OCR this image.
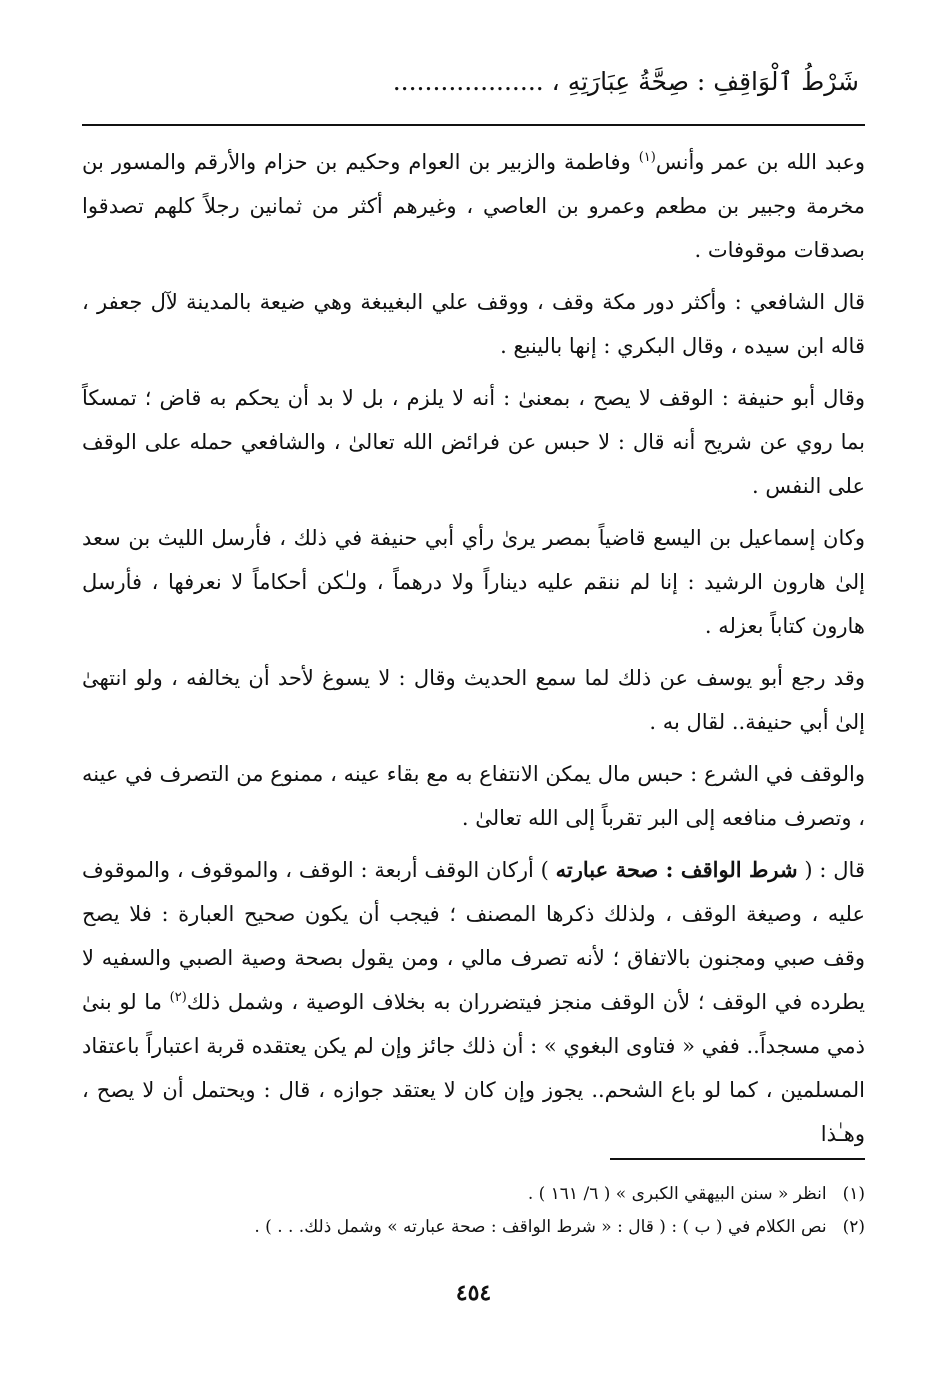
شَرْطُ ٱلْوَاقِفِ : صِحَّةُ عِبَارَتِهِ ، ...................

وعبد الله بن عمر وأنس$^{(١)}$ وفاطمة والزبير بن العوام وحكيم بن حزام والأرقم والمسور بن مخرمة وجبير بن مطعم وعمرو بن العاصي ، وغيرهم أكثر من ثمانين رجلاً كلهم تصدقوا بصدقات موقوفات .

قال الشافعي : وأكثر دور مكة وقف ، ووقف علي البغيبغة وهي ضيعة بالمدينة لآل جعفر ، قاله ابن سيده ، وقال البكري : إنها بالينبع .

وقال أبو حنيفة : الوقف لا يصح ، بمعنىٰ : أنه لا يلزم ، بل لا بد أن يحكم به قاض ؛ تمسكاً بما روي عن شريح أنه قال : لا حبس عن فرائض الله تعالىٰ ، والشافعي حمله على الوقف على النفس .

وكان إسماعيل بن اليسع قاضياً بمصر يرىٰ رأي أبي حنيفة في ذلك ، فأرسل الليث بن سعد إلىٰ هارون الرشيد : إنا لم ننقم عليه ديناراً ولا درهماً ، ولـٰكن أحكاماً لا نعرفها ، فأرسل هارون كتاباً بعزله .

وقد رجع أبو يوسف عن ذلك لما سمع الحديث وقال : لا يسوغ لأحد أن يخالفه ، ولو انتهىٰ إلىٰ أبي حنيفة.. لقال به .

والوقف في الشرع : حبس مال يمكن الانتفاع به مع بقاء عينه ، ممنوع من التصرف في عينه ، وتصرف منافعه إلى البر تقرباً إلى الله تعالىٰ .

قال : ( شرط الواقف : صحة عبارته ) أركان الوقف أربعة : الوقف ، والموقوف ، والموقوف عليه ، وصيغة الوقف ، ولذلك ذكرها المصنف ؛ فيجب أن يكون صحيح العبارة : فلا يصح وقف صبي ومجنون بالاتفاق ؛ لأنه تصرف مالي ، ومن يقول بصحة وصية الصبي والسفيه لا يطرده في الوقف ؛ لأن الوقف منجز فيتضرران به بخلاف الوصية ، وشمل ذلك$^{(٢)}$ ما لو بنىٰ ذمي مسجداً.. ففي « فتاوى البغوي » : أن ذلك جائز وإن لم يكن يعتقده قربة اعتباراً باعتقاد المسلمين ، كما لو باع الشحم.. يجوز وإن كان لا يعتقد جوازه ، قال : ويحتمل أن لا يصح ، وهـٰذا

(١)انظر « سنن البيهقي الكبرى » ( ٦/ ١٦١ ) .
(٢)نص الكلام في ( ب ) : ( قال : « شرط الواقف : صحة عبارته » وشمل ذلك. . . ) .
٤٥٤
